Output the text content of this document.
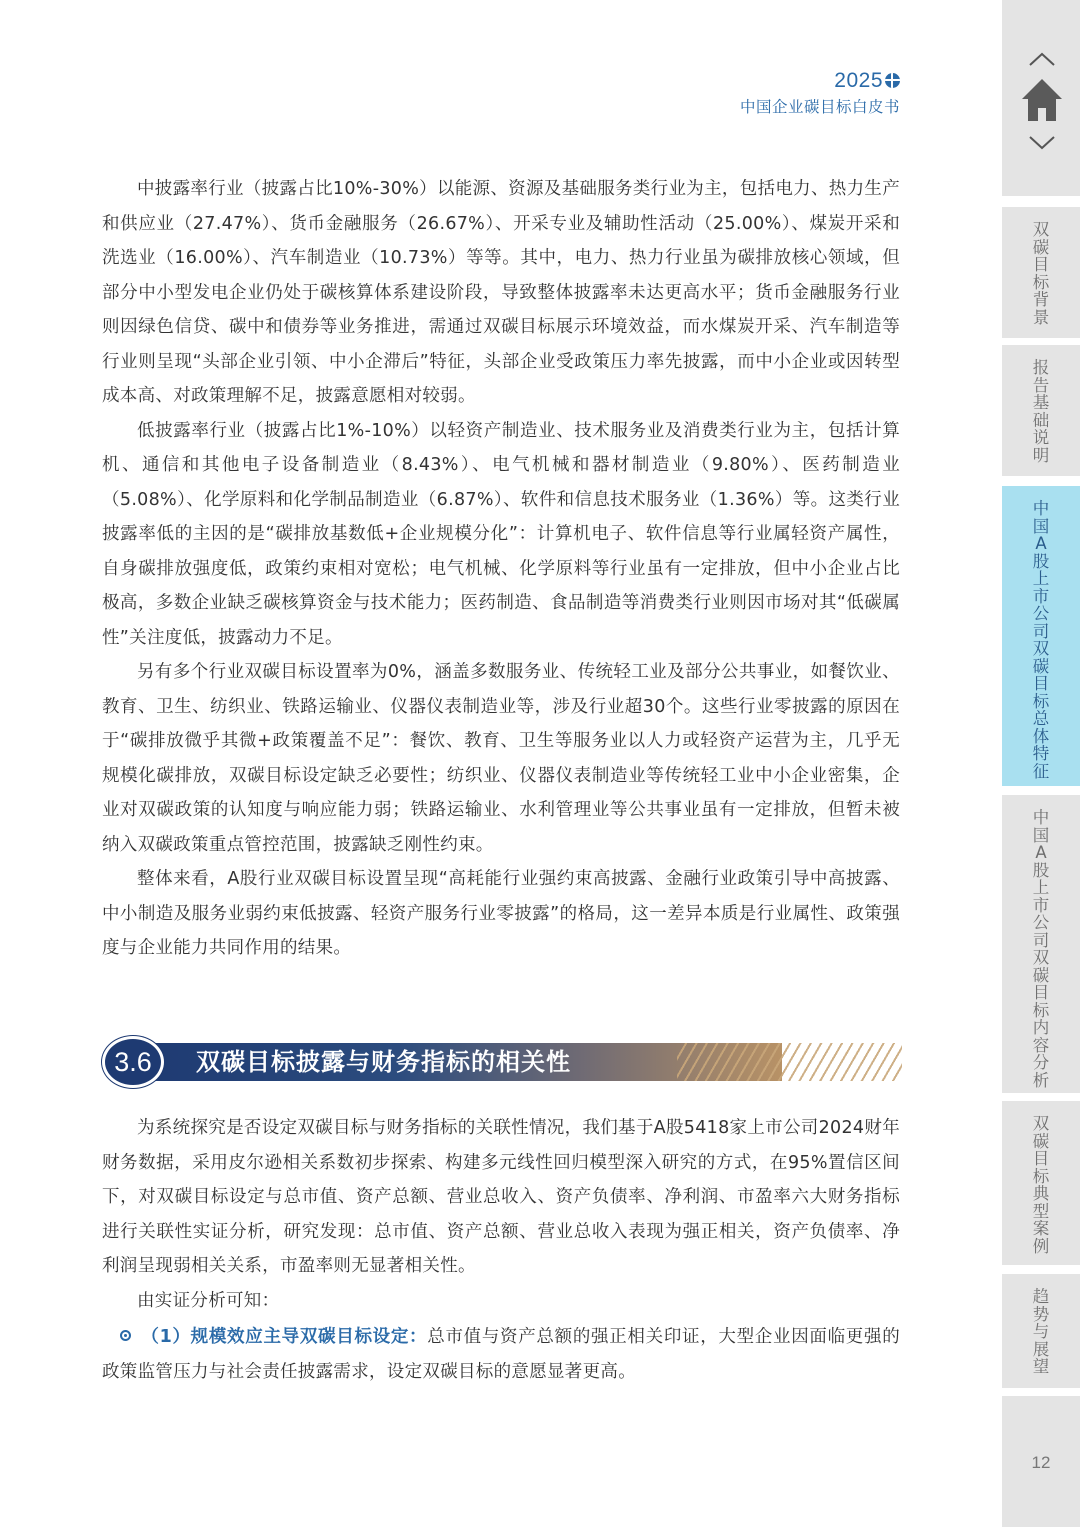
2025
中国企业碳目标白皮书

中披露率行业（披露占比10%-30%）以能源、资源及基础服务类行业为主，包括电力、热力生产和供应业（27.47%）、货币金融服务（26.67%）、开采专业及辅助性活动（25.00%）、煤炭开采和洗选业（16.00%）、汽车制造业（10.73%）等等。其中，电力、热力行业虽为碳排放核心领域，但部分中小型发电企业仍处于碳核算体系建设阶段，导致整体披露率未达更高水平；货币金融服务行业则因绿色信贷、碳中和债券等业务推进，需通过双碳目标展示环境效益，而水煤炭开采、汽车制造等行业则呈现“头部企业引领、中小企滞后”特征，头部企业受政策压力率先披露，而中小企业或因转型成本高、对政策理解不足，披露意愿相对较弱。

低披露率行业（披露占比1%-10%）以轻资产制造业、技术服务业及消费类行业为主，包括计算机、通信和其他电子设备制造业（8.43%）、电气机械和器材制造业（9.80%）、医药制造业（5.08%）、化学原料和化学制品制造业（6.87%）、软件和信息技术服务业（1.36%）等。这类行业披露率低的主因的是“碳排放基数低+企业规模分化”：计算机电子、软件信息等行业属轻资产属性，自身碳排放强度低，政策约束相对宽松；电气机械、化学原料等行业虽有一定排放，但中小企业占比极高，多数企业缺乏碳核算资金与技术能力；医药制造、食品制造等消费类行业则因市场对其“低碳属性”关注度低，披露动力不足。

另有多个行业双碳目标设置率为0%，涵盖多数服务业、传统轻工业及部分公共事业，如餐饮业、教育、卫生、纺织业、铁路运输业、仪器仪表制造业等，涉及行业超30个。这些行业零披露的原因在于“碳排放微乎其微+政策覆盖不足”：餐饮、教育、卫生等服务业以人力或轻资产运营为主，几乎无规模化碳排放，双碳目标设定缺乏必要性；纺织业、仪器仪表制造业等传统轻工业中小企业密集，企业对双碳政策的认知度与响应能力弱；铁路运输业、水利管理业等公共事业虽有一定排放，但暂未被纳入双碳政策重点管控范围，披露缺乏刚性约束。

整体来看，A股行业双碳目标设置呈现“高耗能行业强约束高披露、金融行业政策引导中高披露、中小制造及服务业弱约束低披露、轻资产服务行业零披露”的格局，这一差异本质是行业属性、政策强度与企业能力共同作用的结果。

3.6	双碳目标披露与财务指标的相关性

为系统探究是否设定双碳目标与财务指标的关联性情况，我们基于A股5418家上市公司2024财年财务数据，采用皮尔逊相关系数初步探索、构建多元线性回归模型深入研究的方式，在95%置信区间下，对双碳目标设定与总市值、资产总额、营业总收入、资产负债率、净利润、市盈率六大财务指标进行关联性实证分析，研究发现：总市值、资产总额、营业总收入表现为强正相关，资产负债率、净利润呈现弱相关关系，市盈率则无显著相关性。

由实证分析可知：

（1）规模效应主导双碳目标设定：总市值与资产总额的强正相关印证，大型企业因面临更强的政策监管压力与社会责任披露需求，设定双碳目标的意愿显著更高。
双碳目标背景
报告基础说明
中国A股上市公司双碳目标总体特征
中国A股上市公司双碳目标内容分析
双碳目标典型案例
趋势与展望
12
